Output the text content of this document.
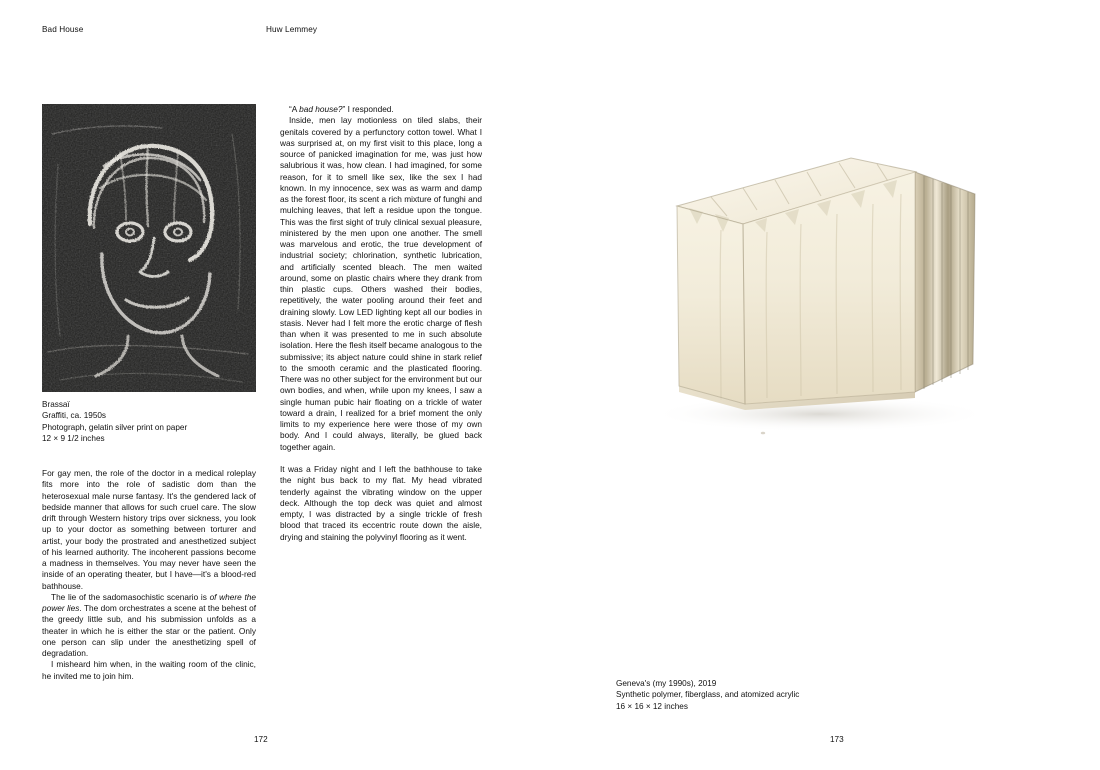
Bad House	Huw Lemmey
Brassaï
Graffiti, ca. 1950s
Photograph, gelatin silver print on paper
12 × 9 1/2 inches

For gay men, the role of the doctor in a medical roleplay fits more into the role of sadistic dom than the heterosexual male nurse fantasy. It's the gendered lack of bedside manner that allows for such cruel care. The slow drift through Western history trips over sickness, you look up to your doctor as something between torturer and artist, your body the prostrated and anesthetized subject of his learned authority. The incoherent passions become a madness in themselves. You may never have seen the inside of an operating theater, but I have—it's a blood-red bathhouse.

The lie of the sadomasochistic scenario is of where the power lies. The dom orchestrates a scene at the behest of the greedy little sub, and his submission unfolds as a theater in which he is either the star or the patient. Only one person can slip under the anesthetizing spell of degradation.

I misheard him when, in the waiting room of the clinic, he invited me to join him.

“A bad house?” I responded.

Inside, men lay motionless on tiled slabs, their genitals covered by a perfunctory cotton towel. What I was surprised at, on my first visit to this place, long a source of panicked imagination for me, was just how salubrious it was, how clean. I had imagined, for some reason, for it to smell like sex, like the sex I had known. In my innocence, sex was as warm and damp as the forest floor, its scent a rich mixture of funghi and mulching leaves, that left a residue upon the tongue. This was the first sight of truly clinical sexual pleasure, ministered by the men upon one another. The smell was marvelous and erotic, the true development of industrial society; chlorination, synthetic lubrication, and artificially scented bleach. The men waited around, some on plastic chairs where they drank from thin plastic cups. Others washed their bodies, repetitively, the water pooling around their feet and draining slowly. Low LED lighting kept all our bodies in stasis. Never had I felt more the erotic charge of flesh than when it was presented to me in such absolute isolation. Here the flesh itself became analogous to the submissive; its abject nature could shine in stark relief to the smooth ceramic and the plasticated flooring. There was no other subject for the environment but our own bodies, and when, while upon my knees, I saw a single human pubic hair floating on a trickle of water toward a drain, I realized for a brief moment the only limits to my experience here were those of my own body. And I could always, literally, be glued back together again.

It was a Friday night and I left the bathhouse to take the night bus back to my flat. My head vibrated tenderly against the vibrating window on the upper deck. Although the top deck was quiet and almost empty, I was distracted by a single trickle of fresh blood that traced its eccentric route down the aisle, drying and staining the polyvinyl flooring as it went.

172
Geneva's (my 1990s), 2019
Synthetic polymer, fiberglass, and atomized acrylic
16 × 16 × 12 inches
173
